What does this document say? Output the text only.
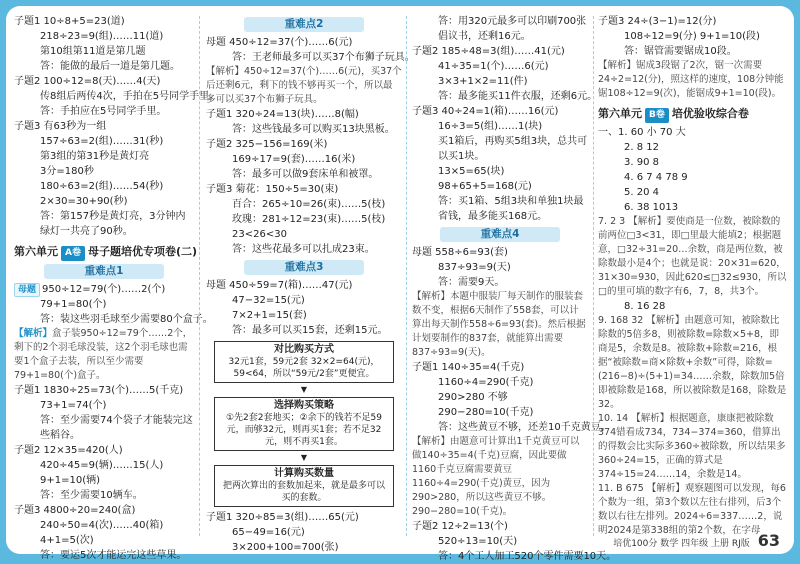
子题1 10÷8+5=23(道)
218÷23=9(组)……11(道)
第10组第11道是第几题
答：能做的最后一道是第几题。
子题2 100÷12=8(天)……4(天)
传8组后两传4次，手拍在5号同学手里。
答：手拍应在5号同学手里。
子题3 有63秒为一组
157÷63=2(组)……31(秒)
第3组的第31秒是黄灯亮
3分=180秒
180÷63=2(组)……54(秒)
2×30=30+90(秒)
答：第157秒是黄灯亮，3分钟内绿灯一共亮了90秒。
第六单元 A卷 母子题培优专项卷(二)
重难点1
母题 950÷12=79(个)……2(个)
79+1=80(个)
答：装这些羽毛球至少需要80个盒子。
【解析】盒子装950÷12=79个……2个，剩下的2个羽毛球没装，这2个羽毛球也需要1个盒子去装，所以至少需要79+1=80(个)盒子。
子题1 1830÷25=73(个)……5(千克)
73+1=74(个)
答：至少需要74个袋子才能装完这些稻谷。
子题2 12×35=420(人)
420÷45=9(辆)……15(人)
9+1=10(辆)
答：至少需要10辆车。
子题3 4800÷20=240(盒)
240÷50=4(次)……40(箱)
4+1=5(次)
答：要运5次才能运完这些草果。
重难点2
母题 450÷12=37(个)……6(元)
答：王老师最多可以买37个布狮子玩具。
【解析】450÷12=37(个)……6(元)，买37个后还剩6元，剩下的钱不够再买一个，所以最多可以买37个布狮子玩具。
子题1 320÷24=13(块)……8(幅)
答：这些钱最多可以购买13块黑板。
子题2 325−156=169(米)
169÷17=9(套)……16(米)
答：最多可以做9套床单和被罩。
子题3 菊花：150÷5=30(束)
百合：265÷10=26(束)……5(枝)
玫瑰：281÷12=23(束)……5(枝)
23<26<30
答：这些花最多可以扎成23束。
重难点3
母题 450÷59=7(箱)……47(元)
47−32=15(元)
7×2+1=15(套)
答：最多可以买15套，还剩15元。
对比购买方式
32元1套，59元2套 32×2=64(元)，59<64，所以“59元/2套”更便宜。
▼
选择购买策略
①先2套2套地买；②余下的钱若不足59元，而够32元，则再买1套；若不足32元，则不再买1套。
▼
计算购买数量
把两次算出的套数加起来，就是最多可以买的套数。
子题1 320÷85=3(组)……65(元)
65−49=16(元)
3×200+100=700(张)
答：用320元最多可以印刷700张倡议书，还剩16元。
子题2 185÷48=3(组)……41(元)
41÷35=1(个)……6(元)
3×3+1×2=11(件)
答：最多能买11件衣服，还剩6元。
子题3 40÷24=1(箱)……16(元)
16÷3=5(组)……1(块)
买1箱后，再购买5组3块，总共可以买1块。
13×5=65(块)
98+65+5=168(元)
答：买1箱、5组3块和单独1块最省钱，最多能买168元。
重难点4
母题 558÷6=93(套)
837÷93=9(天)
答：需要9天。
【解析】本题中服装厂每天制作的服装套数不变，根据6天制作了558套，可以计算出每天制作558÷6=93(套)。然后根据计划要制作的837套，就能算出需要837÷93=9(天)。
子题1 140÷35=4(千克)
1160÷4=290(千克)
290>280 不够
290−280=10(千克)
答：这些黄豆不够，还差10千克黄豆。
【解析】由题意可计算出1千克黄豆可以做140÷35=4(千克)豆腐，因此要做1160千克豆腐需要黄豆1160÷4=290(千克)黄豆，因为290>280，所以这些黄豆不够。290−280=10(千克)。
子题2 12÷2=13(个)
520÷13=10(天)
答：4个工人加工520个零件需要10天。
子题3 24÷(3−1)=12(分)
108÷12=9(分) 9+1=10(段)
答：锯管需要锯成10段。
【解析】锯成3段锯了2次，锯一次需要24÷2=12(分)，照这样的速度，108分钟能锯108÷12=9(次)，能锯成9+1=10(段)。
第六单元 B卷 培优验收综合卷
一、1. 60 小 70 大
2. 8 12
3. 90 8
4. 6 7 4 78 9
5. 20 4
6. 38 1013
7. 2 3 【解析】要使商是一位数，被除数的前两位□3<31，即□里最大能填2；根据题意，□32÷31=20…余数，商是两位数，被除数最小是4个；也就是说：20×31=620，31×30=930，因此620≤□32≤930，所以□的里可填的数字有6，7，8，共3个。
8. 16 28
9. 168 32 【解析】由题意可知，被除数比除数的5倍多8，则被除数=除数×5+8，即商是5，余数是8。被除数+除数=216，根据“被除数=商×除数+余数”可得，除数=(216−8)÷(5+1)=34……余数，除数加5倍即被除数是168，所以被除数是168，除数是32。
10. 14 【解析】根据题意，康康把被除数374错看成734，734−374=360，借算出的得数会比实际多360÷被除数，所以结果多360÷24=15，正确的算式是374÷15=24……14，余数是14。
11. B 675 【解析】观察题图可以发现，每6个数为一组，第3个数以左往右排列，后3个数以右往左排列。2024÷6=337……2，说明2024是第338组的第2个数，在字母
培优100分 数学 四年级 上册 RJ版 63
